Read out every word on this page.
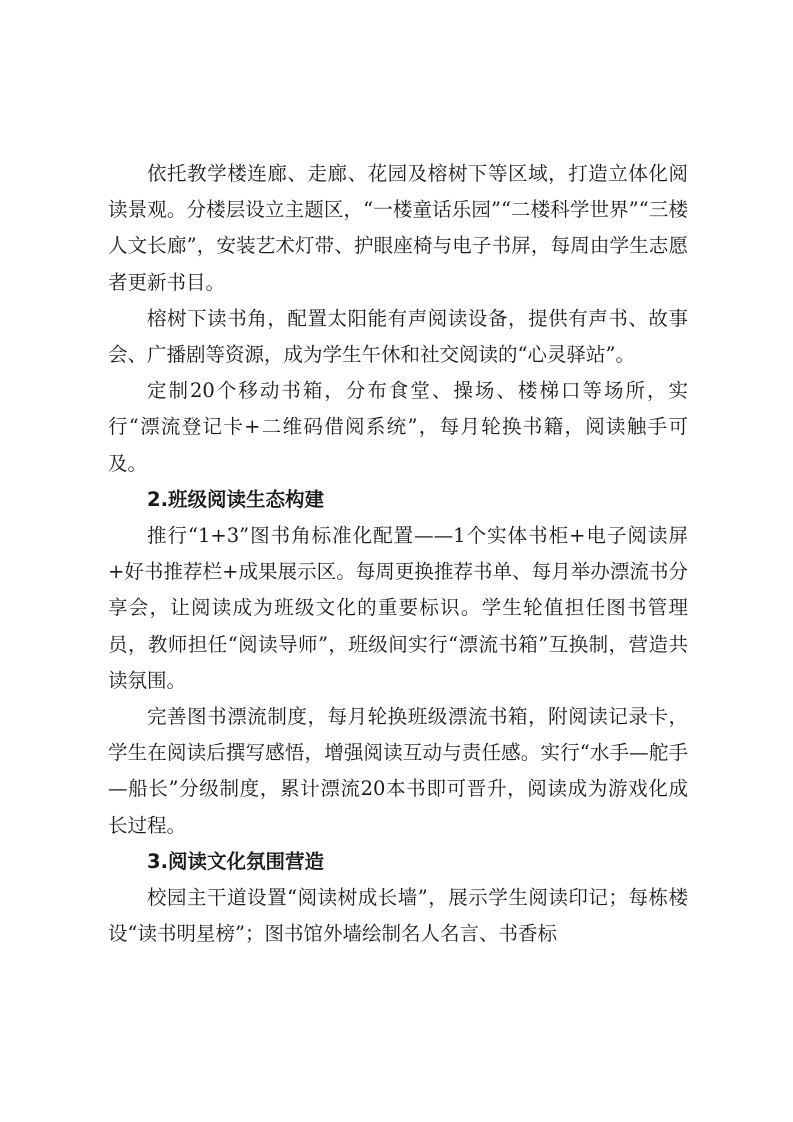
依托教学楼连廊、走廊、花园及榕树下等区域，打造立体化阅读景观。分楼层设立主题区，“一楼童话乐园”“二楼科学世界”“三楼人文长廊”，安装艺术灯带、护眼座椅与电子书屏，每周由学生志愿者更新书目。

榕树下读书角，配置太阳能有声阅读设备，提供有声书、故事会、广播剧等资源，成为学生午休和社交阅读的“心灵驿站”。

定制20个移动书箱，分布食堂、操场、楼梯口等场所，实行“漂流登记卡+二维码借阅系统”，每月轮换书籍，阅读触手可及。

2.班级阅读生态构建

推行“1+3”图书角标准化配置——1个实体书柜+电子阅读屏+好书推荐栏+成果展示区。每周更换推荐书单、每月举办漂流书分享会，让阅读成为班级文化的重要标识。学生轮值担任图书管理员，教师担任“阅读导师”，班级间实行“漂流书箱”互换制，营造共读氛围。

完善图书漂流制度，每月轮换班级漂流书箱，附阅读记录卡，学生在阅读后撰写感悟，增强阅读互动与责任感。实行“水手—舵手—船长”分级制度，累计漂流20本书即可晋升，阅读成为游戏化成长过程。

3.阅读文化氛围营造

校园主干道设置“阅读树成长墙”，展示学生阅读印记；每栋楼设“读书明星榜”；图书馆外墙绘制名人名言、书香标
